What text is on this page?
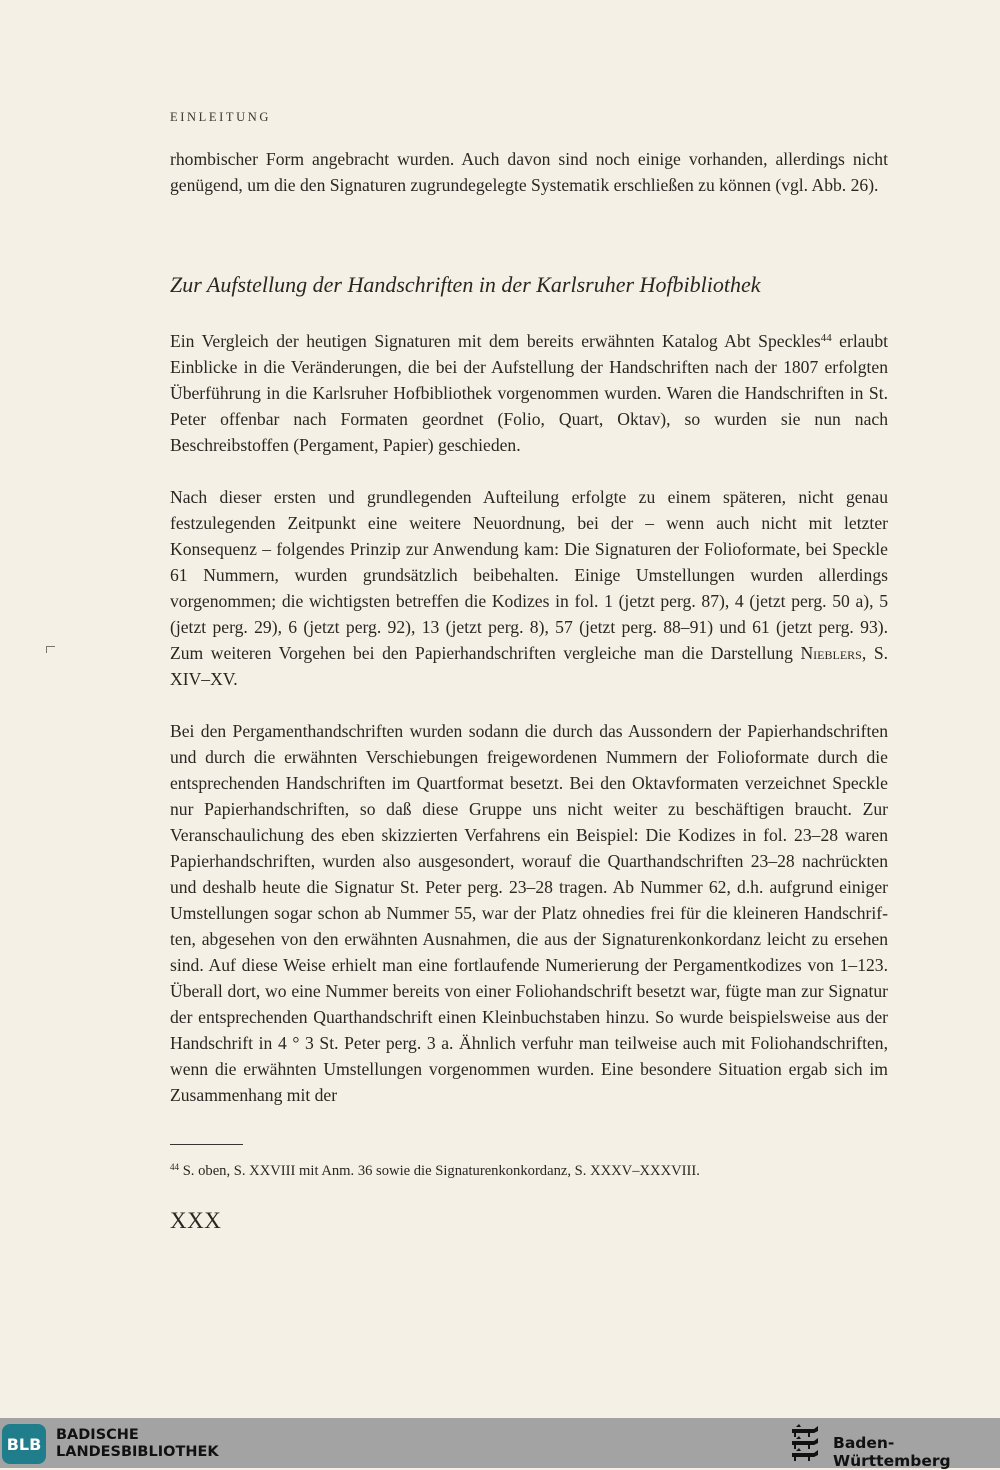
EINLEITUNG

rhombischer Form angebracht wurden. Auch davon sind noch einige vorhanden, allerdings nicht genügend, um die den Signaturen zugrundegelegte Systematik erschließen zu können (vgl. Abb. 26).

Zur Aufstellung der Handschriften in der Karlsruher Hofbibliothek

Ein Vergleich der heutigen Signaturen mit dem bereits erwähnten Katalog Abt Speckles$^{44}$ erlaubt Einblicke in die Veränderungen, die bei der Aufstellung der Handschriften nach der 1807 erfolgten Überführung in die Karlsruher Hofbibliothek vorgenommen wurden. Waren die Handschriften in St. Peter offenbar nach Formaten geordnet (Folio, Quart, Oktav), so wurden sie nun nach Beschreibstoffen (Pergament, Papier) geschieden.

Nach dieser ersten und grundlegenden Aufteilung erfolgte zu einem späteren, nicht genau festzulegenden Zeitpunkt eine weitere Neuordnung, bei der – wenn auch nicht mit letzter Konsequenz – folgendes Prinzip zur Anwendung kam: Die Signaturen der Folioformate, bei Speckle 61 Nummern, wurden grundsätzlich beibehalten. Einige Umstellungen wurden allerdings vorgenommen; die wichtigsten betreffen die Kodizes in fol. 1 (jetzt perg. 87), 4 (jetzt perg. 50 a), 5 (jetzt perg. 29), 6 (jetzt perg. 92), 13 (jetzt perg. 8), 57 (jetzt perg. 88–91) und 61 (jetzt perg. 93). Zum weiteren Vorgehen bei den Papierhandschriften vergleiche man die Darstellung Nieblers, S. XIV–XV.

Bei den Pergamenthandschriften wurden sodann die durch das Aussondern der Papierhandschriften und durch die erwähnten Verschiebungen freigewordenen Nummern der Folioformate durch die entsprechenden Handschriften im Quartformat besetzt. Bei den Oktavformaten verzeichnet Speckle nur Papierhandschriften, so daß diese Gruppe uns nicht weiter zu beschäftigen braucht. Zur Veranschaulichung des eben skizzierten Verfahrens ein Beispiel: Die Kodizes in fol. 23–28 waren Papierhandschriften, wurden also ausgesondert, worauf die Quarthandschriften 23–28 nachrückten und deshalb heute die Signatur St. Peter perg. 23–28 tragen. Ab Nummer 62, d.h. aufgrund einiger Umstellungen sogar schon ab Nummer 55, war der Platz ohnedies frei für die kleineren Handschriften, abgesehen von den erwähnten Ausnahmen, die aus der Signaturenkonkordanz leicht zu ersehen sind. Auf diese Weise erhielt man eine fortlaufende Numerierung der Pergamentkodizes von 1–123. Überall dort, wo eine Nummer bereits von einer Foliohandschrift besetzt war, fügte man zur Signatur der entsprechenden Quarthandschrift einen Kleinbuchstaben hinzu. So wurde beispielsweise aus der Handschrift in 4 ° 3 St. Peter perg. 3 a. Ähnlich verfuhr man teilweise auch mit Foliohandschriften, wenn die erwähnten Umstellungen vorgenommen wurden. Eine besondere Situation ergab sich im Zusammenhang mit der

$^{44}$ S. oben, S. XXVIII mit Anm. 36 sowie die Signaturenkonkordanz, S. XXXV–XXXVIII.

XXX
BLB BADISCHE
LANDESBIBLIOTHEK	Baden-Württemberg
